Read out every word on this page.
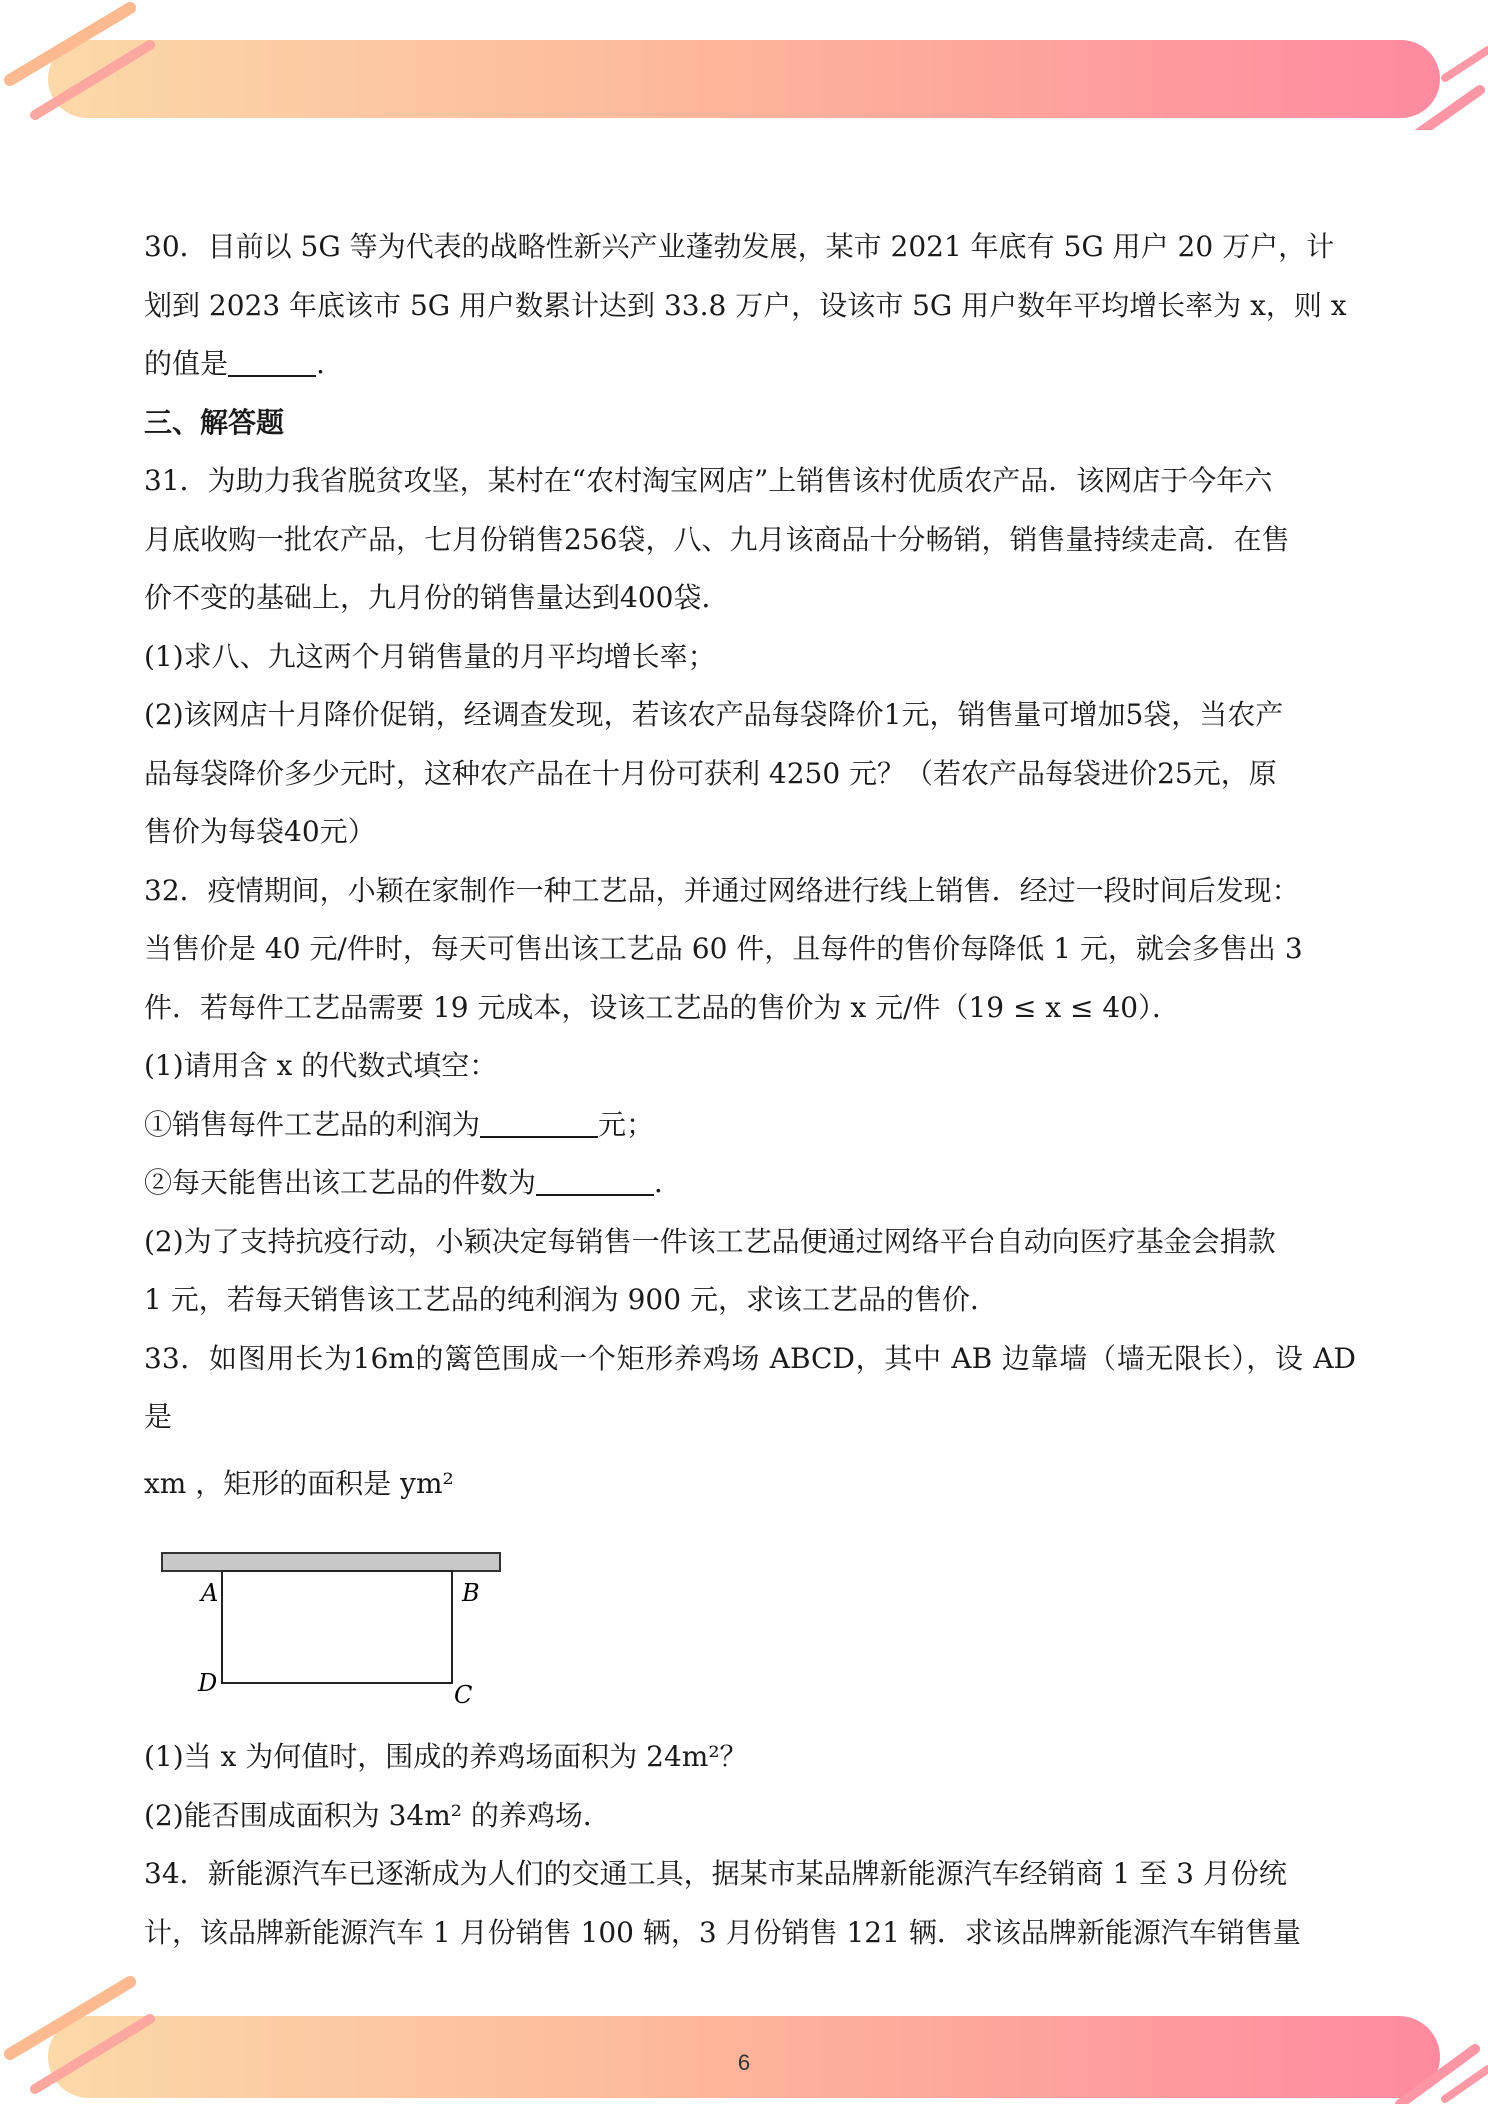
30．目前以 5G 等为代表的战略性新兴产业蓬勃发展，某市 2021 年底有 5G 用户 20 万户，计

划到 2023 年底该市 5G 用户数累计达到 33.8 万户，设该市 5G 用户数年平均增长率为 x，则 x

的值是	.

三、解答题

31．为助力我省脱贫攻坚，某村在“农村淘宝网店”上销售该村优质农产品．该网店于今年六

月底收购一批农产品，七月份销售256袋，八、九月该商品十分畅销，销售量持续走高．在售

价不变的基础上，九月份的销售量达到400袋．

(1)求八、九这两个月销售量的月平均增长率；

(2)该网店十月降价促销，经调查发现，若该农产品每袋降价1元，销售量可增加5袋，当农产

品每袋降价多少元时，这种农产品在十月份可获利 4250 元？（若农产品每袋进价25元，原

售价为每袋40元）

32．疫情期间，小颖在家制作一种工艺品，并通过网络进行线上销售．经过一段时间后发现：

当售价是 40 元/件时，每天可售出该工艺品 60 件，且每件的售价每降低 1 元，就会多售出 3

件．若每件工艺品需要 19 元成本，设该工艺品的售价为 x 元/件（19 ≤ x ≤ 40）．

(1)请用含 x 的代数式填空：

①销售每件工艺品的利润为	元；

②每天能售出该工艺品的件数为	．

(2)为了支持抗疫行动，小颖决定每销售一件该工艺品便通过网络平台自动向医疗基金会捐款

1 元，若每天销售该工艺品的纯利润为 900 元，求该工艺品的售价．

33．如图用长为16m的篱笆围成一个矩形养鸡场 ABCD，其中 AB 边靠墙（墙无限长），设 AD 是

xm ，矩形的面积是 ym²

A	B
D	C

(1)当 x 为何值时，围成的养鸡场面积为 24m²？

(2)能否围成面积为 34m² 的养鸡场．

34．新能源汽车已逐渐成为人们的交通工具，据某市某品牌新能源汽车经销商 1 至 3 月份统

计，该品牌新能源汽车 1 月份销售 100 辆，3 月份销售 121 辆．求该品牌新能源汽车销售量

6
